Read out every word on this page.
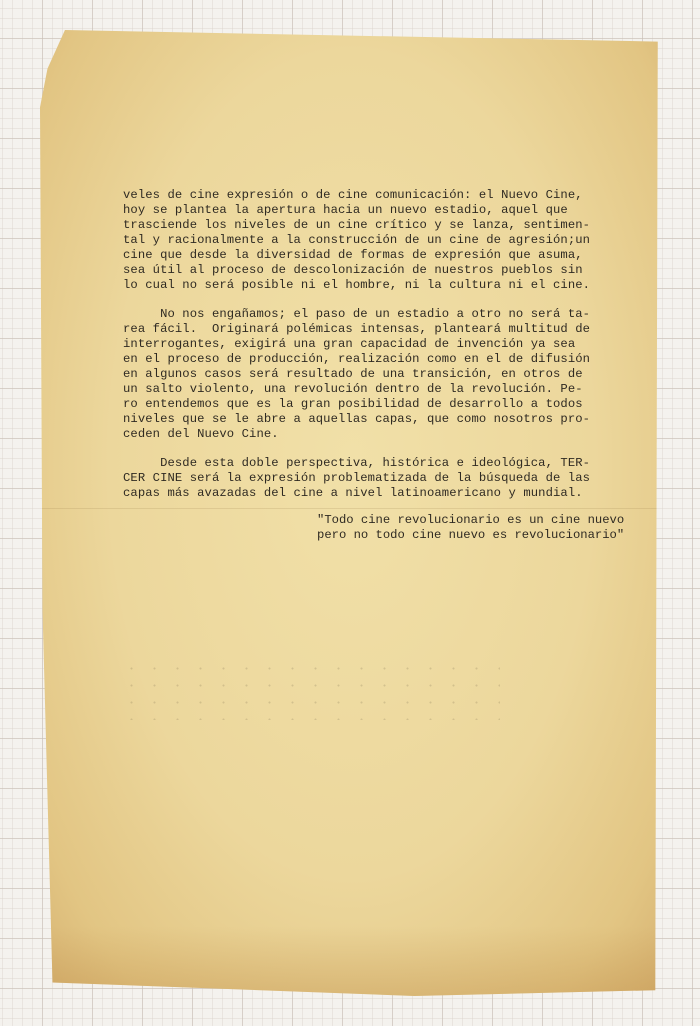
veles de cine expresión o de cine comunicación: el Nuevo Cine,
hoy se plantea la apertura hacia un nuevo estadio, aquel que
trasciende los niveles de un cine crítico y se lanza, sentimen-
tal y racionalmente a la construcción de un cine de agresión;un
cine que desde la diversidad de formas de expresión que asuma,
sea útil al proceso de descolonización de nuestros pueblos sin
lo cual no será posible ni el hombre, ni la cultura ni el cine.
No nos engañamos; el paso de un estadio a otro no será ta-
rea fácil.  Originará polémicas intensas, planteará multitud de
interrogantes, exigirá una gran capacidad de invención ya sea
en el proceso de producción, realización como en el de difusión
en algunos casos será resultado de una transición, en otros de
un salto violento, una revolución dentro de la revolución. Pe-
ro entendemos que es la gran posibilidad de desarrollo a todos
niveles que se le abre a aquellas capas, que como nosotros pro-
ceden del Nuevo Cine.
Desde esta doble perspectiva, histórica e ideológica, TER-
CER CINE será la expresión problematizada de la búsqueda de las
capas más avazadas del cine a nivel latinoamericano y mundial.
"Todo cine revolucionario es un cine nuevo
pero no todo cine nuevo es revolucionario"
